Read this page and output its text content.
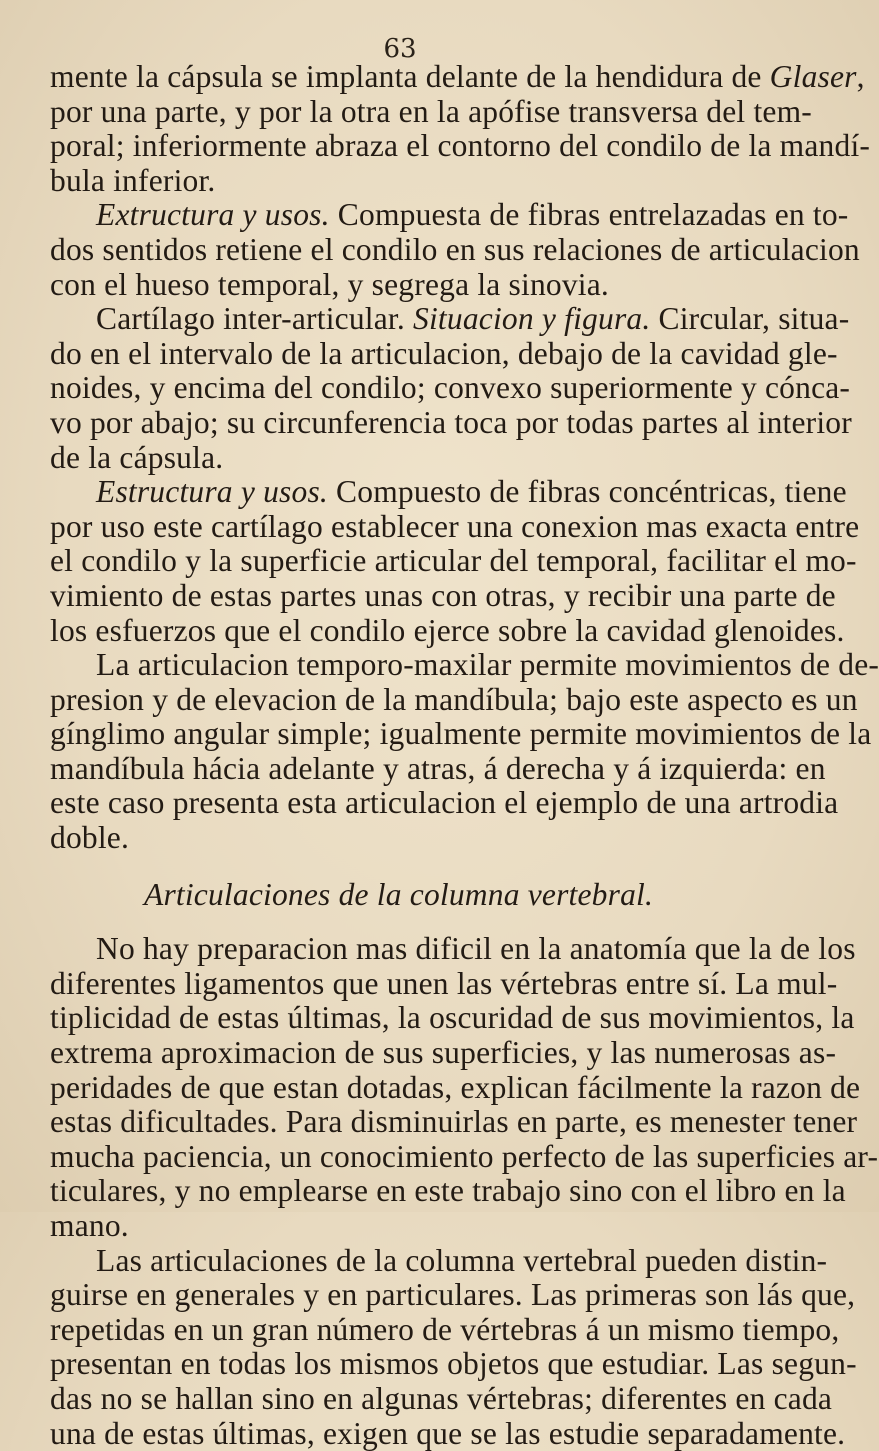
63
mente la cápsula se implanta delante de la hendidura de Glaser,
por una parte, y por la otra en la apófise transversa del tem-
poral; inferiormente abraza el contorno del condilo de la mandí-
bula inferior.
Extructura y usos. Compuesta de fibras entrelazadas en to-
dos sentidos retiene el condilo en sus relaciones de articulacion
con el hueso temporal, y segrega la sinovia.
Cartílago inter-articular. Situacion y figura. Circular, situa-
do en el intervalo de la articulacion, debajo de la cavidad gle-
noides, y encima del condilo; convexo superiormente y cónca-
vo por abajo; su circunferencia toca por todas partes al interior
de la cápsula.
Estructura y usos. Compuesto de fibras concéntricas, tiene
por uso este cartílago establecer una conexion mas exacta entre
el condilo y la superficie articular del temporal, facilitar el mo-
vimiento de estas partes unas con otras, y recibir una parte de
los esfuerzos que el condilo ejerce sobre la cavidad glenoides.
La articulacion temporo-maxilar permite movimientos de de-
presion y de elevacion de la mandíbula; bajo este aspecto es un
gínglimo angular simple; igualmente permite movimientos de la
mandíbula hácia adelante y atras, á derecha y á izquierda: en
este caso presenta esta articulacion el ejemplo de una artrodia
doble.
Articulaciones de la columna vertebral.
No hay preparacion mas dificil en la anatomía que la de los
diferentes ligamentos que unen las vértebras entre sí. La mul-
tiplicidad de estas últimas, la oscuridad de sus movimientos, la
extrema aproximacion de sus superficies, y las numerosas as-
peridades de que estan dotadas, explican fácilmente la razon de
estas dificultades. Para disminuirlas en parte, es menester tener
mucha paciencia, un conocimiento perfecto de las superficies ar-
ticulares, y no emplearse en este trabajo sino con el libro en la
mano.
Las articulaciones de la columna vertebral pueden distin-
guirse en generales y en particulares. Las primeras son lás que,
repetidas en un gran número de vértebras á un mismo tiempo,
presentan en todas los mismos objetos que estudiar. Las segun-
das no se hallan sino en algunas vértebras; diferentes en cada
una de estas últimas, exigen que se las estudie separadamente.
